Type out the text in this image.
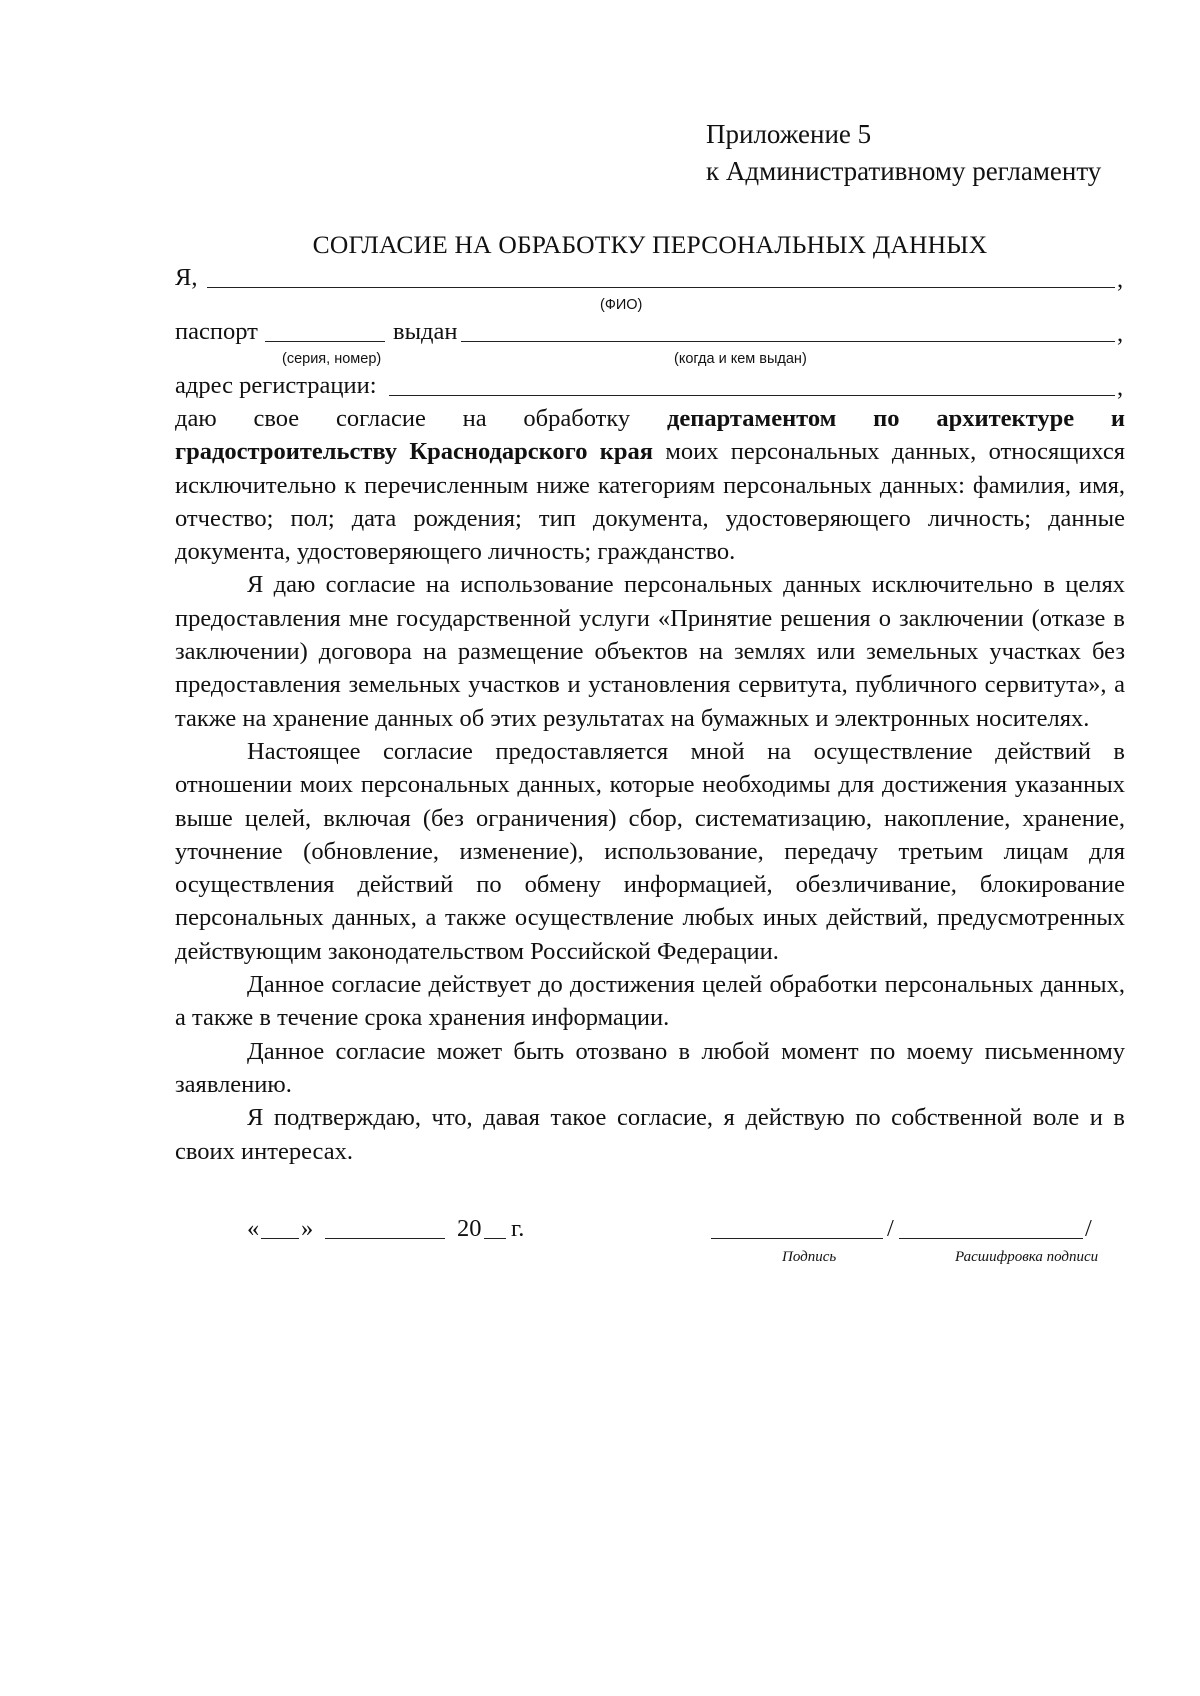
Приложение 5
к Административному регламенту
СОГЛАСИЕ НА ОБРАБОТКУ ПЕРСОНАЛЬНЫХ ДАННЫХ
Я,	,
(ФИО)
паспорт	выдан	,
(серия, номер)	(когда и кем выдан)
адрес регистрации:	,

даю свое согласие на обработку департаментом по архитектуре и

градостроительству Краснодарского края моих персональных данных, относящихся исключительно к перечисленным ниже категориям персональных данных: фамилия, имя, отчество; пол; дата рождения; тип документа, удостоверяющего личность; данные документа, удостоверяющего личность; гражданство.

Я даю согласие на использование персональных данных исключительно в целях предоставления мне государственной услуги «Принятие решения о заключении (отказе в заключении) договора на размещение объектов на землях или земельных участках без предоставления земельных участков и установления сервитута, публичного сервитута», а также на хранение данных об этих результатах на бумажных и электронных носителях.

Настоящее согласие предоставляется мной на осуществление действий в отношении моих персональных данных, которые необходимы для достижения указанных выше целей, включая (без ограничения) сбор, систематизацию, накопление, хранение, уточнение (обновление, изменение), использование, передачу третьим лицам для осуществления действий по обмену информацией, обезличивание, блокирование персональных данных, а также осуществление любых иных действий, предусмотренных действующим законодательством Российской Федерации.

Данное согласие действует до достижения целей обработки персональных данных, а также в течение срока хранения информации.

Данное согласие может быть отозвано в любой момент по моему письменному заявлению.

Я подтверждаю, что, давая такое согласие, я действую по собственной воле и в своих интересах.

« »	20 г.	/	/
Подпись	Расшифровка подписи
